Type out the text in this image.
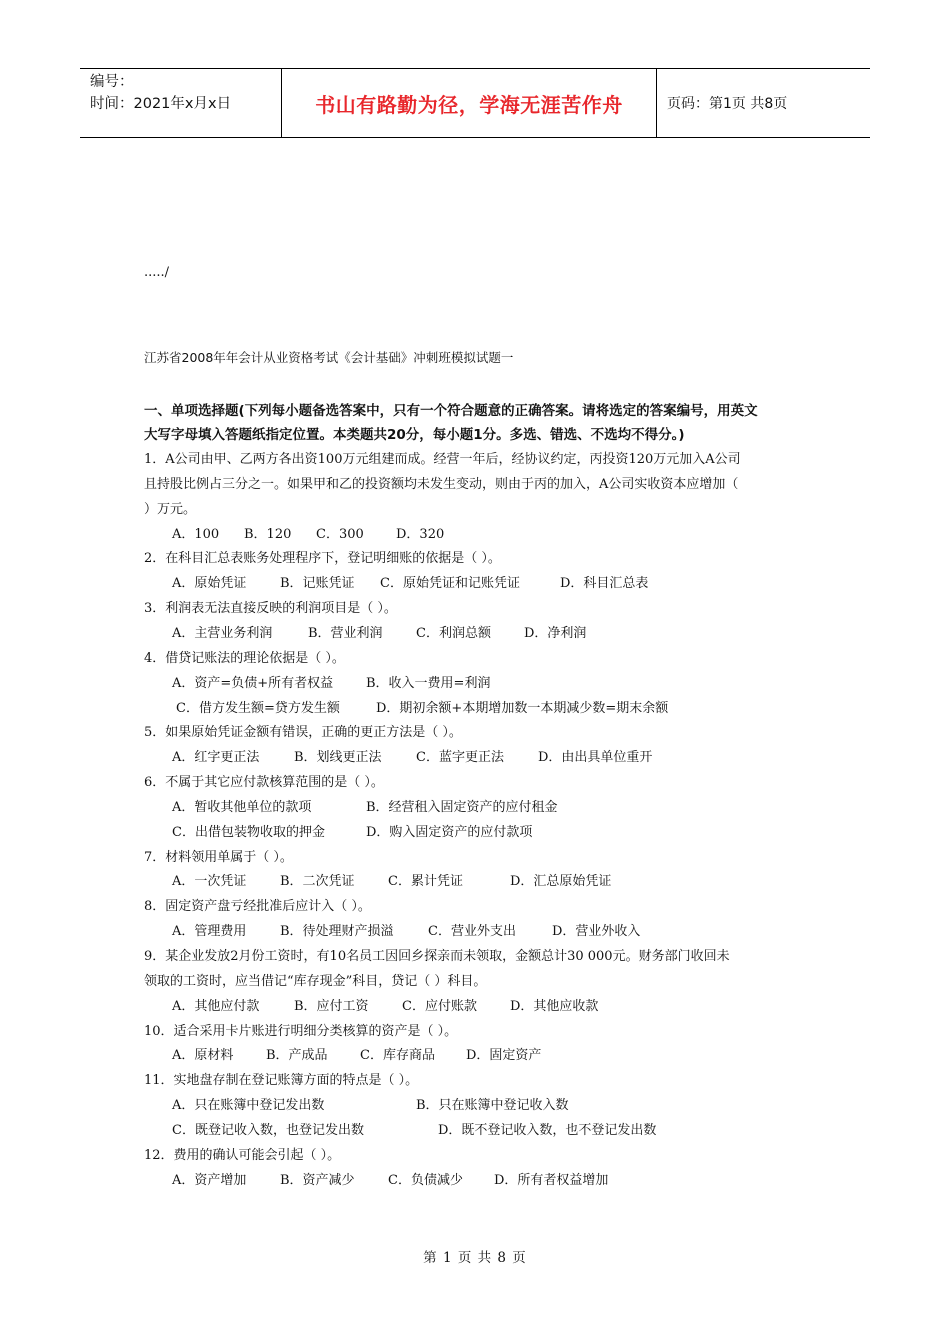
编号：
时间：2021年x月x日	书山有路勤为径，学海无涯苦作舟	页码：第1页 共8页
...../
江苏省2008年年会计从业资格考试《会计基础》冲刺班模拟试题一
一、单项选择题(下列每小题备选答案中，只有一个符合题意的正确答案。请将选定的答案编号，用英文
大写字母填入答题纸指定位置。本类题共20分，每小题1分。多选、错选、不选均不得分。)
1．A公司由甲、乙两方各出资100万元组建而成。经营一年后，经协议约定，丙投资120万元加入A公司
且持股比例占三分之一。如果甲和乙的投资额均未发生变动，则由于丙的加入，A公司实收资本应增加（
）万元。
A．100 B．120 C．300 D．320
2．在科目汇总表账务处理程序下，登记明细账的依据是（ ）。
A．原始凭证	B．记账凭证 C．原始凭证和记账凭证	D．科目汇总表
3．利润表无法直接反映的利润项目是（ ）。
A．主营业务利润	B．营业利润	C．利润总额	D．净利润
4．借贷记账法的理论依据是（ ）。
A．资产=负债+所有者权益	B．收入一费用=利润
C．借方发生额=贷方发生额	D．期初余额+本期增加数一本期减少数=期末余额
5．如果原始凭证金额有错误，正确的更正方法是（ ）。
A．红字更正法	B．划线更正法	C．蓝字更正法	D．由出具单位重开
6．不属于其它应付款核算范围的是（ ）。
A．暂收其他单位的款项	B．经营租入固定资产的应付租金
C．出借包装物收取的押金	D．购入固定资产的应付款项
7．材料领用单属于（ ）。
A．一次凭证	B．二次凭证	C．累计凭证	D．汇总原始凭证
8．固定资产盘亏经批准后应计入（ ）。
A．管理费用	B．待处理财产损溢	C．营业外支出	D．营业外收入
9．某企业发放2月份工资时，有10名员工因回乡探亲而未领取，金额总计30 000元。财务部门收回未
领取的工资时，应当借记“库存现金”科目，贷记（ ）科目。
A．其他应付款	B．应付工资	C．应付账款	D．其他应收款
10．适合采用卡片账进行明细分类核算的资产是（ ）。
A．原材料	B．产成品 C．库存商品 D．固定资产
11．实地盘存制在登记账簿方面的特点是（ ）。
A．只在账簿中登记发出数	B．只在账簿中登记收入数
C．既登记收入数，也登记发出数	D．既不登记收入数，也不登记发出数
12．费用的确认可能会引起（ ）。
A．资产增加	B．资产减少	C．负债减少 D．所有者权益增加
第 1 页 共 8 页
